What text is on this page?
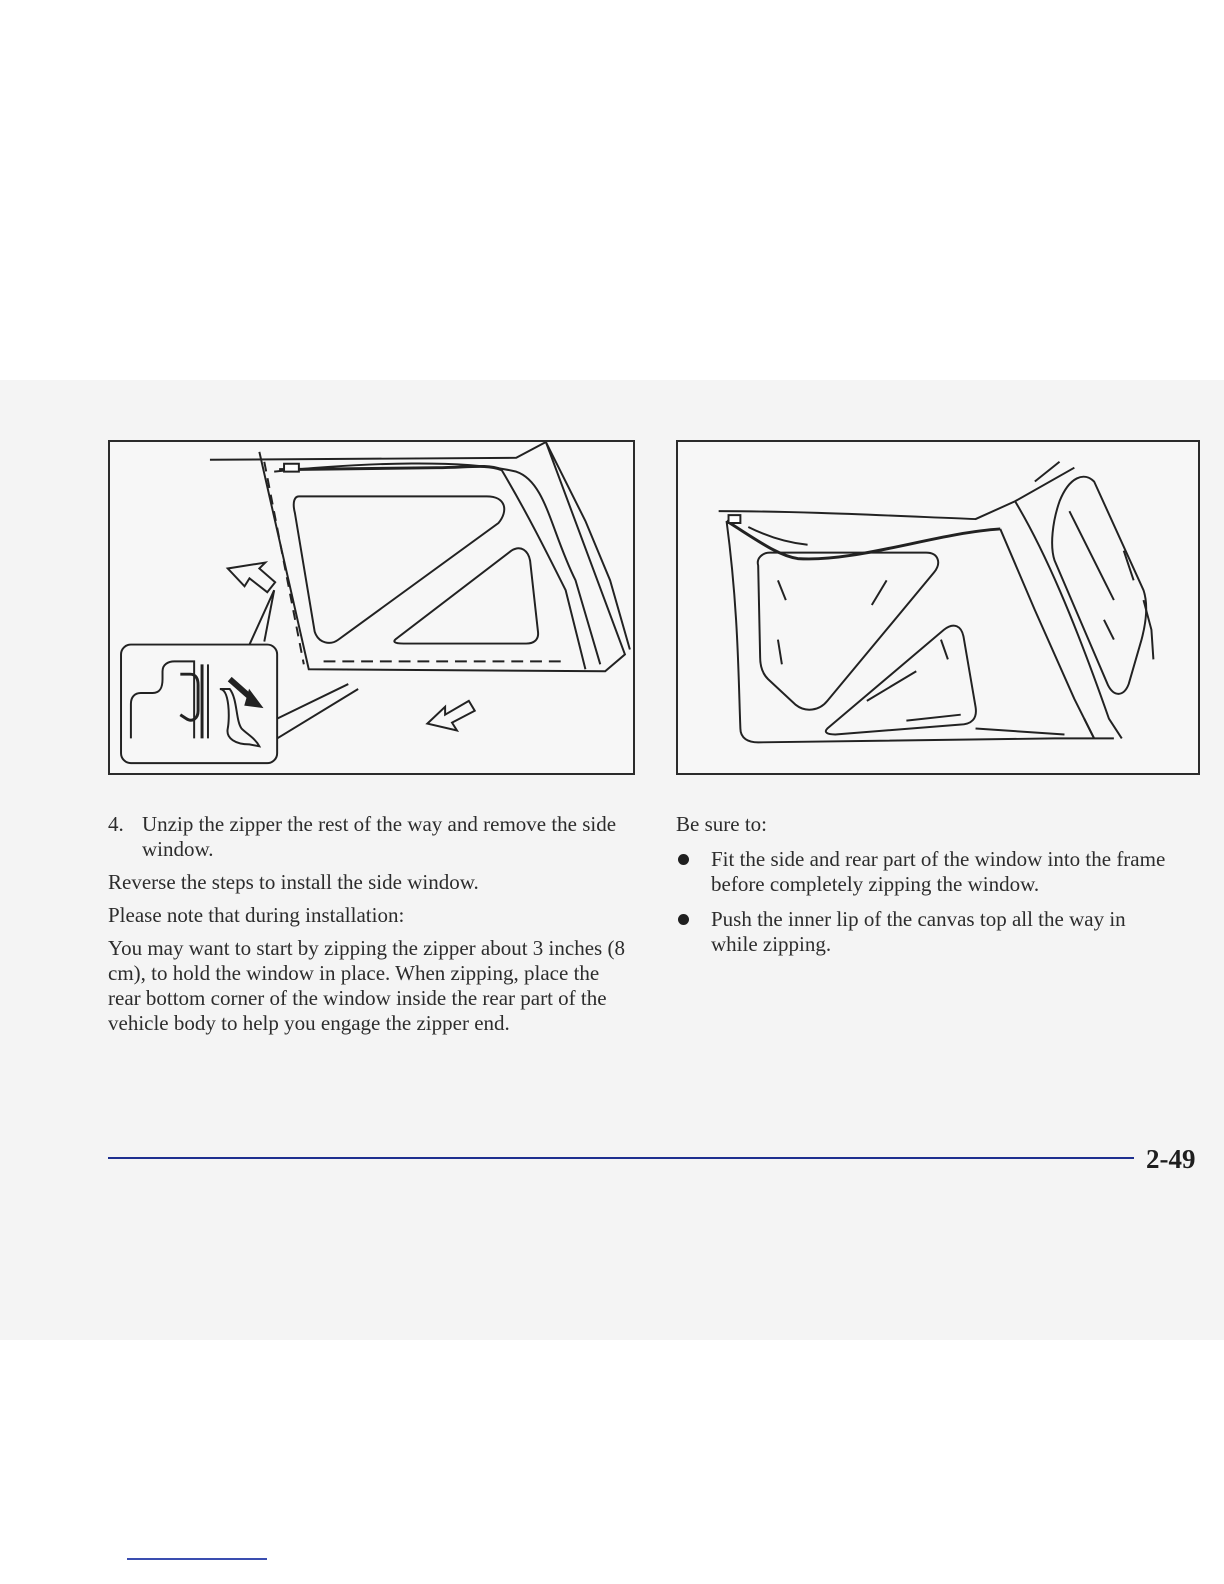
4. Unzip the zipper the rest of the way and remove the side window.

Reverse the steps to install the side window.

Please note that during installation:

You may want to start by zipping the zipper about 3 inches (8 cm), to hold the window in place. When zipping, place the rear bottom corner of the window inside the rear part of the vehicle body to help you engage the zipper end.

Be sure to:

Fit the side and rear part of the window into the frame before completely zipping the window.
Push the inner lip of the canvas top all the way in while zipping.
2-49
